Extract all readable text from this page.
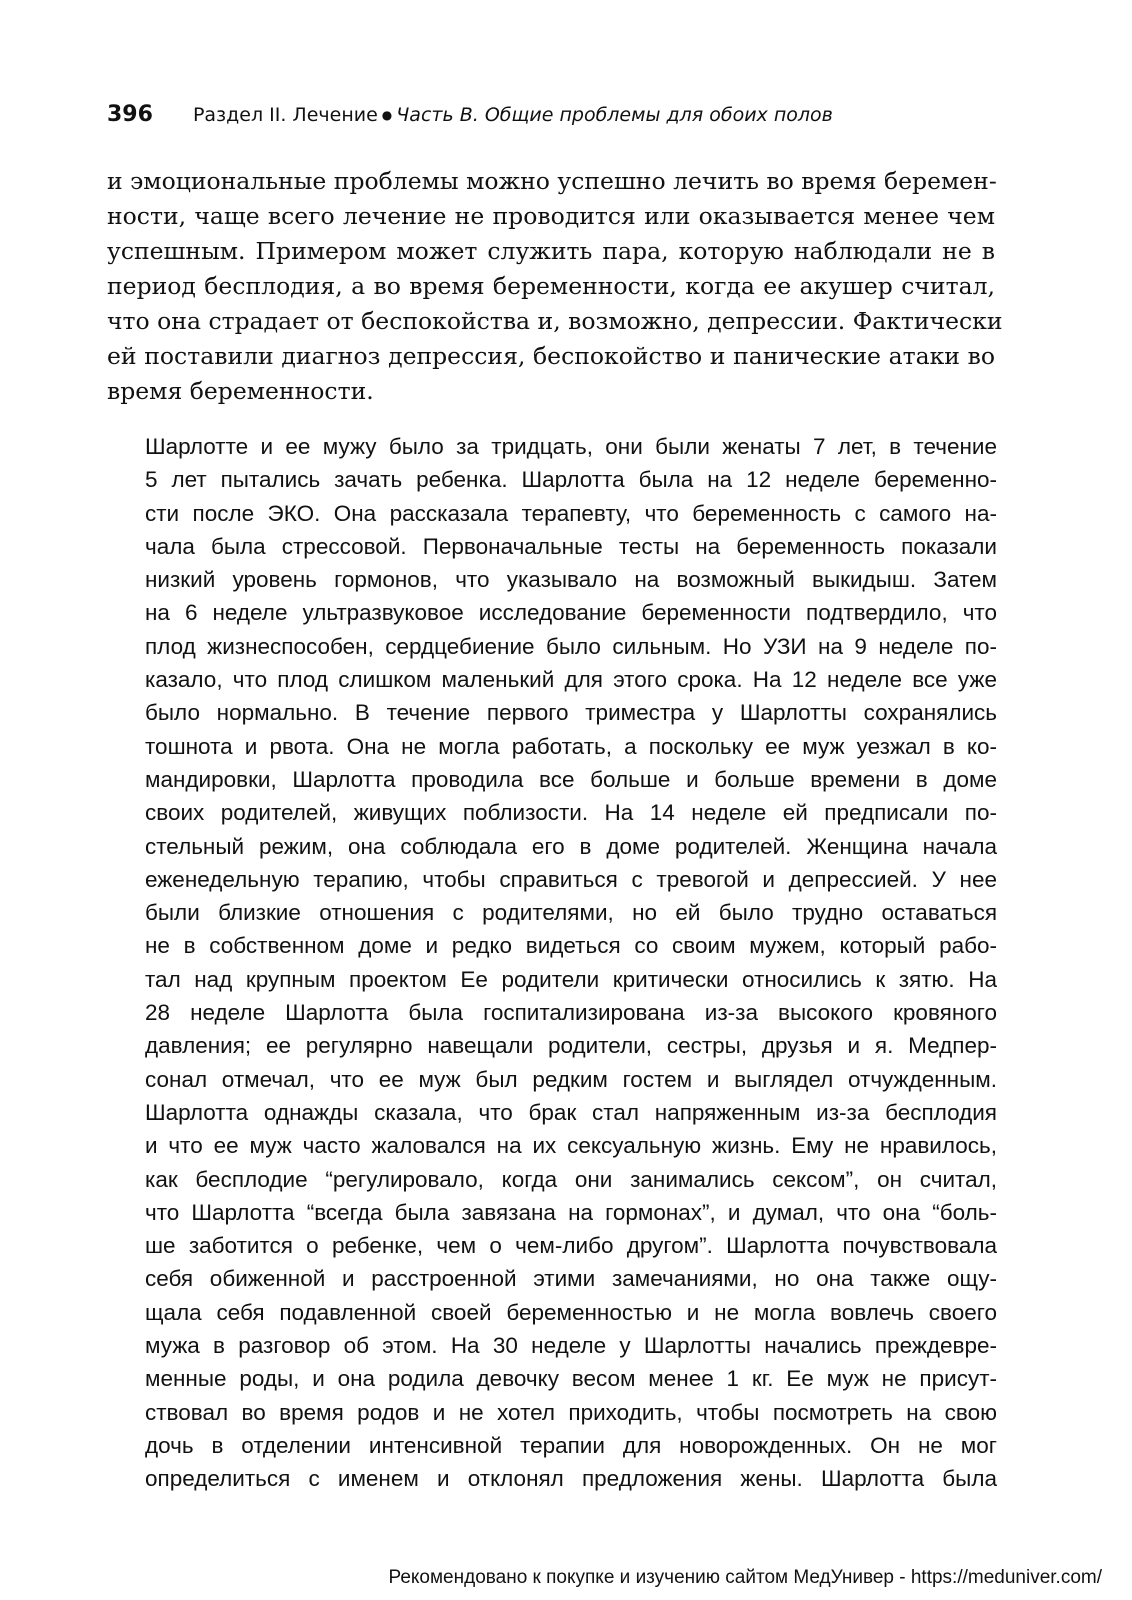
396 Раздел II. Лечение ● Часть В. Общие проблемы для обоих полов
и эмоциональные проблемы можно успешно лечить во время беремен-
ности, чаще всего лечение не проводится или оказывается менее чем
успешным. Примером может служить пара, которую наблюдали не в
период бесплодия, а во время беременности, когда ее акушер считал,
что она страдает от беспокойства и, возможно, депрессии. Фактически
ей поставили диагноз депрессия, беспокойство и панические атаки во
время беременности.
Шарлотте и ее мужу было за тридцать, они были женаты 7 лет, в течение
5 лет пытались зачать ребенка. Шарлотта была на 12 неделе беременно-
сти после ЭКО. Она рассказала терапевту, что беременность с самого на-
чала была стрессовой. Первоначальные тесты на беременность показали
низкий уровень гормонов, что указывало на возможный выкидыш. Затем
на 6 неделе ультразвуковое исследование беременности подтвердило, что
плод жизнеспособен, сердцебиение было сильным. Но УЗИ на 9 неделе по-
казало, что плод слишком маленький для этого срока. На 12 неделе все уже
было нормально. В течение первого триместра у Шарлотты сохранялись
тошнота и рвота. Она не могла работать, а поскольку ее муж уезжал в ко-
мандировки, Шарлотта проводила все больше и больше времени в доме
своих родителей, живущих поблизости. На 14 неделе ей предписали по-
стельный режим, она соблюдала его в доме родителей. Женщина начала
еженедельную терапию, чтобы справиться с тревогой и депрессией. У нее
были близкие отношения с родителями, но ей было трудно оставаться
не в собственном доме и редко видеться со своим мужем, который рабо-
тал над крупным проектом Ее родители критически относились к зятю. На
28 неделе Шарлотта была госпитализирована из-за высокого кровяного
давления; ее регулярно навещали родители, сестры, друзья и я. Медпер-
сонал отмечал, что ее муж был редким гостем и выглядел отчужденным.
Шарлотта однажды сказала, что брак стал напряженным из-за бесплодия
и что ее муж часто жаловался на их сексуальную жизнь. Ему не нравилось,
как бесплодие “регулировало, когда они занимались сексом”, он считал,
что Шарлотта “всегда была завязана на гормонах”, и думал, что она “боль-
ше заботится о ребенке, чем о чем-либо другом”. Шарлотта почувствовала
себя обиженной и расстроенной этими замечаниями, но она также ощу-
щала себя подавленной своей беременностью и не могла вовлечь своего
мужа в разговор об этом. На 30 неделе у Шарлотты начались преждевре-
менные роды, и она родила девочку весом менее 1 кг. Ее муж не присут-
ствовал во время родов и не хотел приходить, чтобы посмотреть на свою
дочь в отделении интенсивной терапии для новорожденных. Он не мог
определиться с именем и отклонял предложения жены. Шарлотта была
Рекомендовано к покупке и изучению сайтом МедУнивер - https://meduniver.com/
